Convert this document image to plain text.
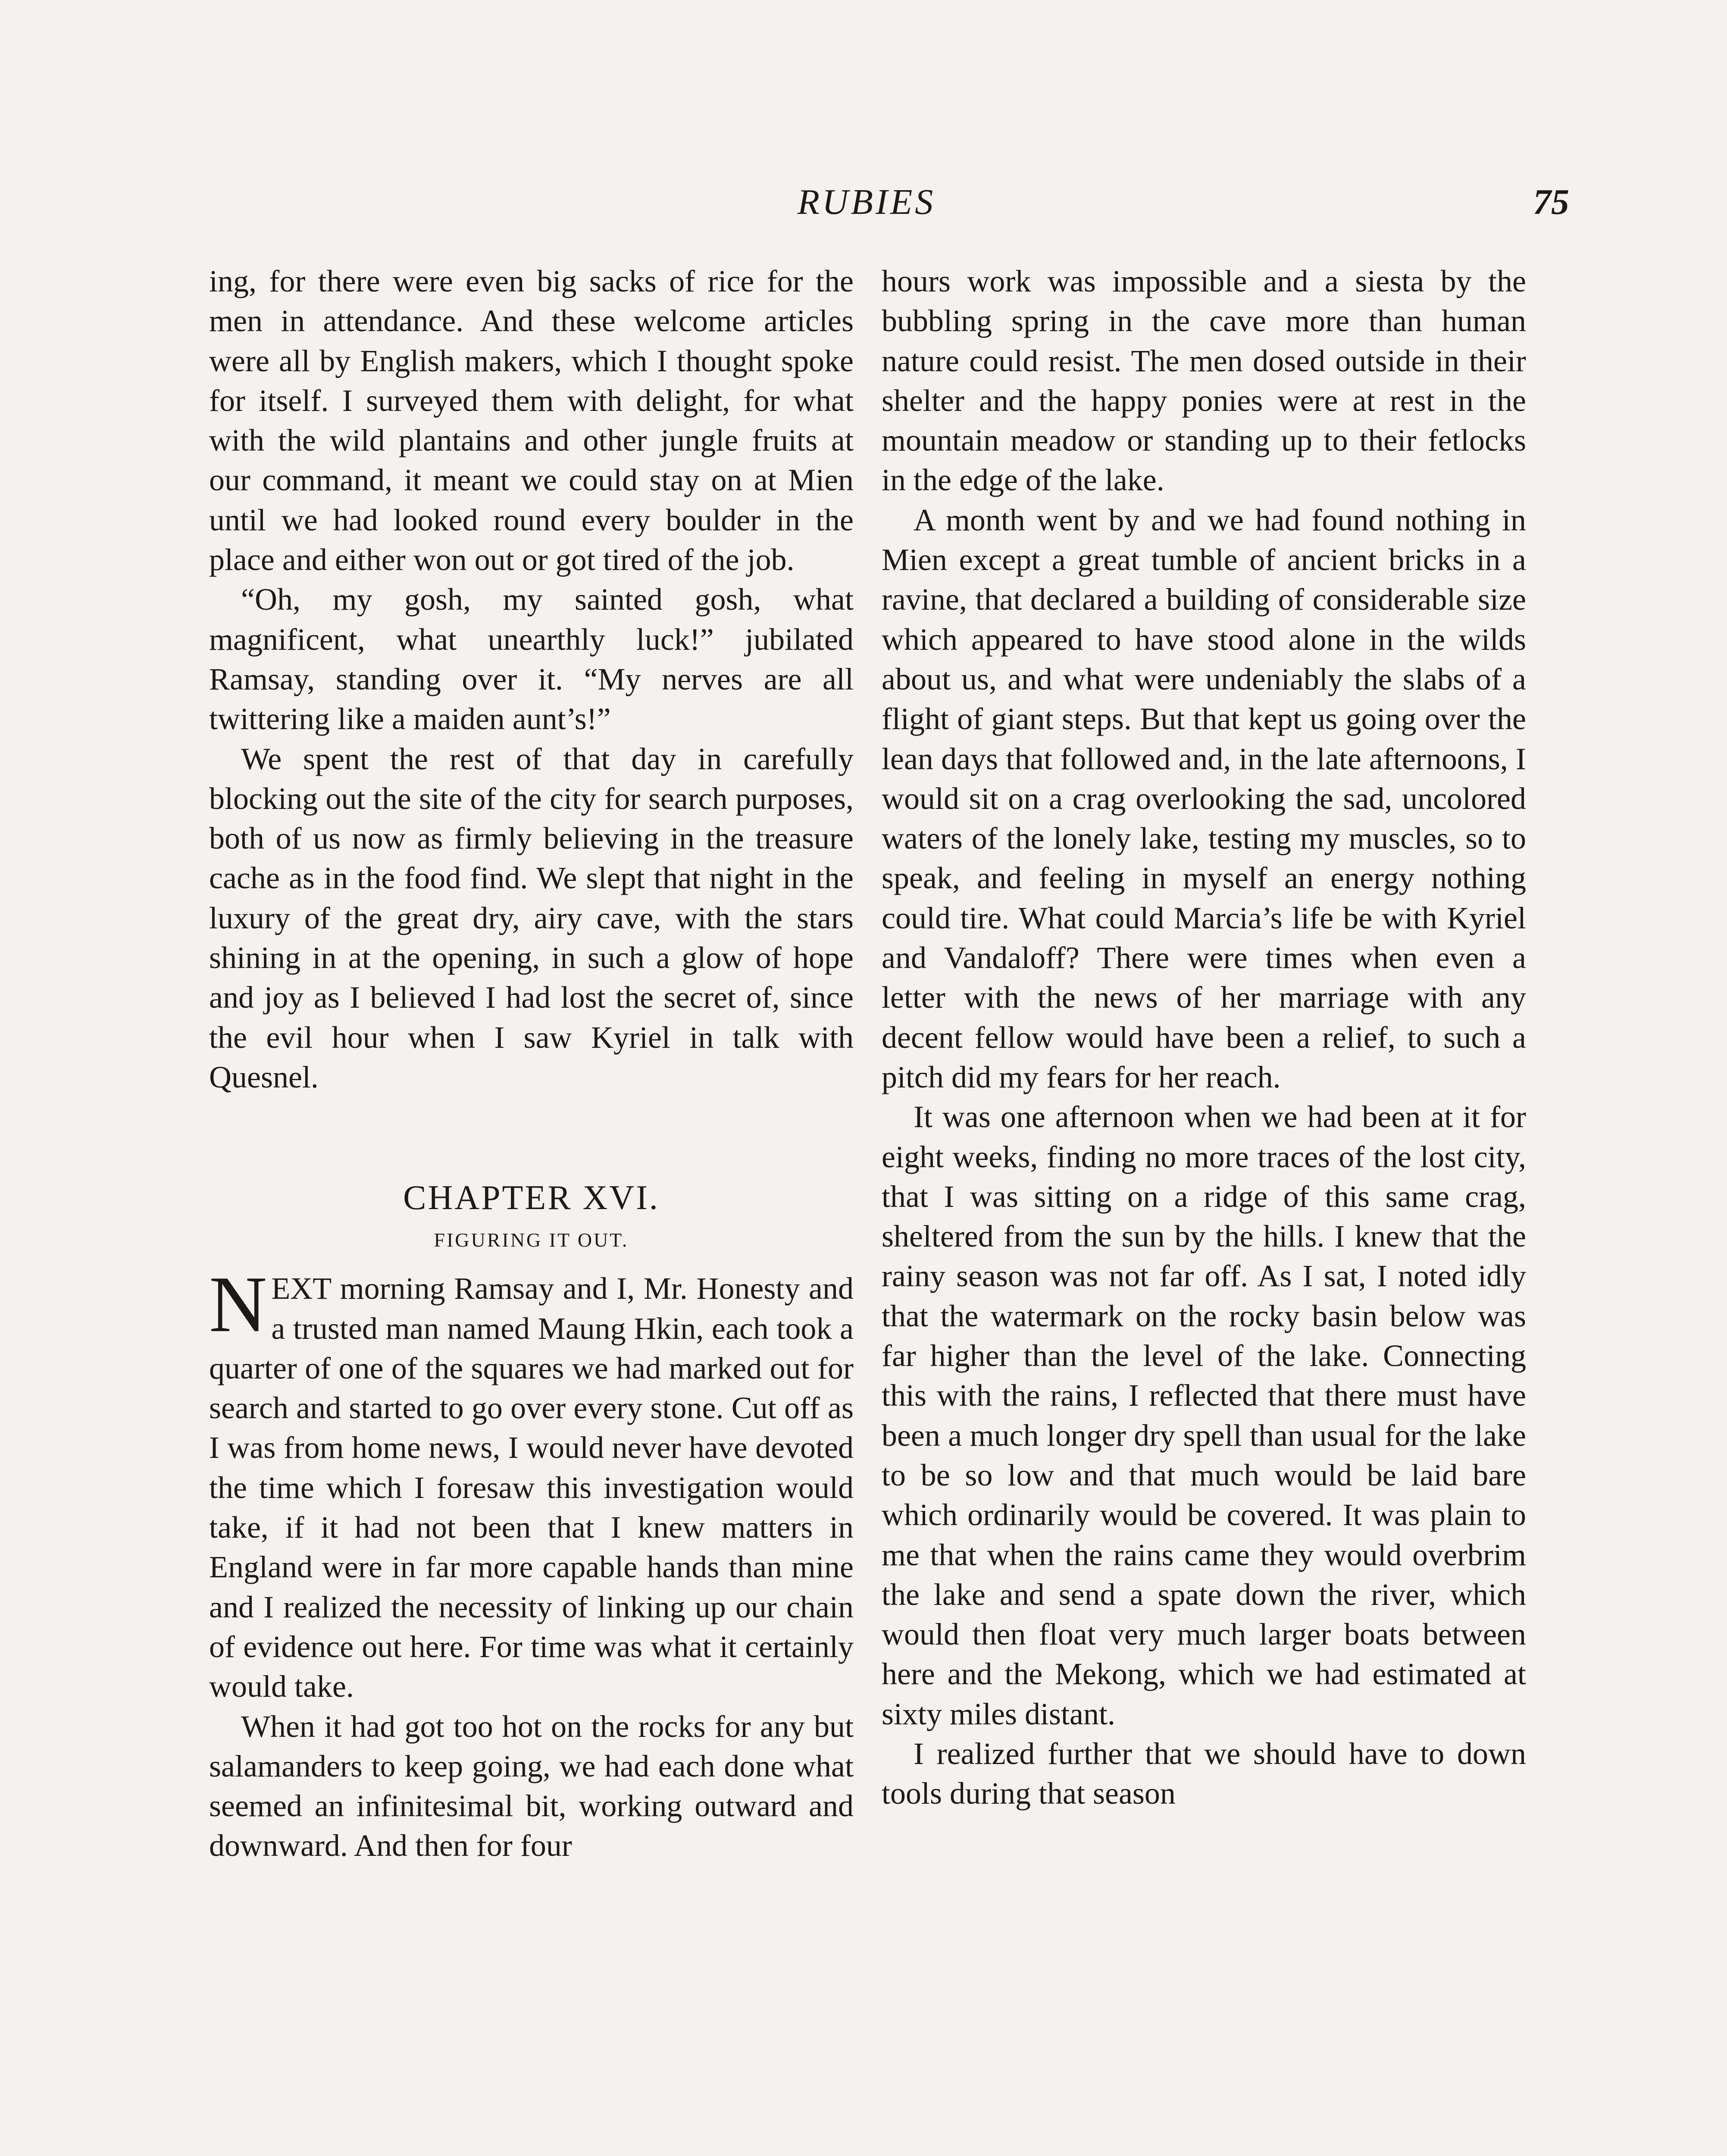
RUBIES	75

ing, for there were even big sacks of rice for the men in attendance. And these welcome articles were all by English makers, which I thought spoke for itself. I surveyed them with delight, for what with the wild plantains and other jungle fruits at our command, it meant we could stay on at Mien until we had looked round every boulder in the place and either won out or got tired of the job.

“Oh, my gosh, my sainted gosh, what magnificent, what unearthly luck!” jubilated Ramsay, standing over it. “My nerves are all twittering like a maiden aunt’s!”

We spent the rest of that day in carefully blocking out the site of the city for search purposes, both of us now as firmly believing in the treasure cache as in the food find. We slept that night in the luxury of the great dry, airy cave, with the stars shining in at the opening, in such a glow of hope and joy as I believed I had lost the secret of, since the evil hour when I saw Kyriel in talk with Quesnel.

CHAPTER XVI.
FIGURING IT OUT.

NEXT morning Ramsay and I, Mr. Honesty and a trusted man named Maung Hkin, each took a quarter of one of the squares we had marked out for search and started to go over every stone. Cut off as I was from home news, I would never have devoted the time which I foresaw this investigation would take, if it had not been that I knew matters in England were in far more capable hands than mine and I realized the necessity of linking up our chain of evidence out here. For time was what it certainly would take.

When it had got too hot on the rocks for any but salamanders to keep going, we had each done what seemed an infinitesimal bit, working outward and downward. And then for four

hours work was impossible and a siesta by the bubbling spring in the cave more than human nature could resist. The men dosed outside in their shelter and the happy ponies were at rest in the mountain meadow or standing up to their fetlocks in the edge of the lake.

A month went by and we had found nothing in Mien except a great tumble of ancient bricks in a ravine, that declared a building of considerable size which appeared to have stood alone in the wilds about us, and what were undeniably the slabs of a flight of giant steps. But that kept us going over the lean days that followed and, in the late afternoons, I would sit on a crag overlooking the sad, uncolored waters of the lonely lake, testing my muscles, so to speak, and feeling in myself an energy nothing could tire. What could Marcia’s life be with Kyriel and Vandaloff? There were times when even a letter with the news of her marriage with any decent fellow would have been a relief, to such a pitch did my fears for her reach.

It was one afternoon when we had been at it for eight weeks, finding no more traces of the lost city, that I was sitting on a ridge of this same crag, sheltered from the sun by the hills. I knew that the rainy season was not far off. As I sat, I noted idly that the watermark on the rocky basin below was far higher than the level of the lake. Connecting this with the rains, I reflected that there must have been a much longer dry spell than usual for the lake to be so low and that much would be laid bare which ordinarily would be covered. It was plain to me that when the rains came they would overbrim the lake and send a spate down the river, which would then float very much larger boats between here and the Mekong, which we had estimated at sixty miles distant.

I realized further that we should have to down tools during that season
